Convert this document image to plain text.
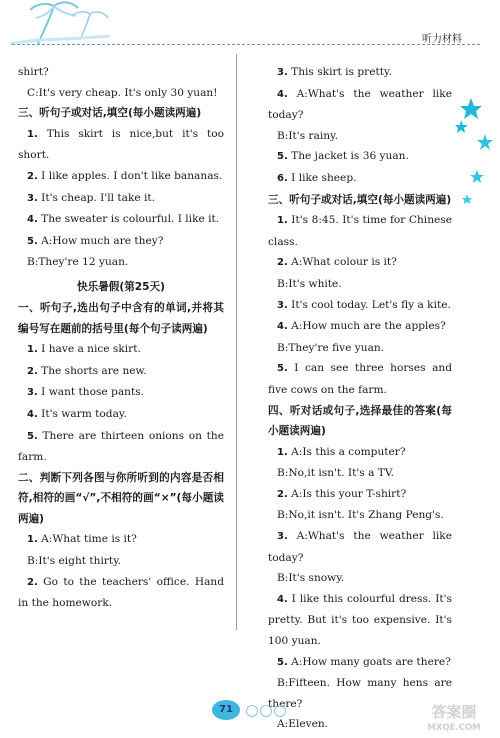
听力材料
shirt?
C:It's very cheap. It's only 30 yuan!
三、听句子或对话,填空(每小题读两遍)
1. This skirt is nice,but it's too short.
2. I like apples. I don't like bananas.
3. It's cheap. I'll take it.
4. The sweater is colourful. I like it.
5. A:How much are they?
B:They're 12 yuan.
快乐暑假(第25天)
一、听句子,选出句子中含有的单词,并将其编号写在题前的括号里(每个句子读两遍)
1. I have a nice skirt.
2. The shorts are new.
3. I want those pants.
4. It's warm today.
5. There are thirteen onions on the farm.
二、判断下列各图与你所听到的内容是否相符,相符的画“√”,不相符的画“×”(每小题读两遍)
1. A:What time is it?
B:It's eight thirty.
2. Go to the teachers' office. Hand in the homework.
3. This skirt is pretty.
4. A:What's the weather like today?
B:It's rainy.
5. The jacket is 36 yuan.
6. I like sheep.
三、听句子或对话,填空(每小题读两遍)
1. It's 8:45. It's time for Chinese class.
2. A:What colour is it?
B:It's white.
3. It's cool today. Let's fly a kite.
4. A:How much are the apples?
B:They're five yuan.
5. I can see three horses and five cows on the farm.
四、听对话或句子,选择最佳的答案(每小题读两遍)
1. A:Is this a computer?
B:No,it isn't. It's a TV.
2. A:Is this your T-shirt?
B:No,it isn't. It's Zhang Peng's.
3. A:What's the weather like today?
B:It's snowy.
4. I like this colourful dress. It's pretty. But it's too expensive. It's 100 yuan.
5. A:How many goats are there?
B:Fifteen. How many hens are there?
A:Eleven.
71	答案圈
MXQE.COM
